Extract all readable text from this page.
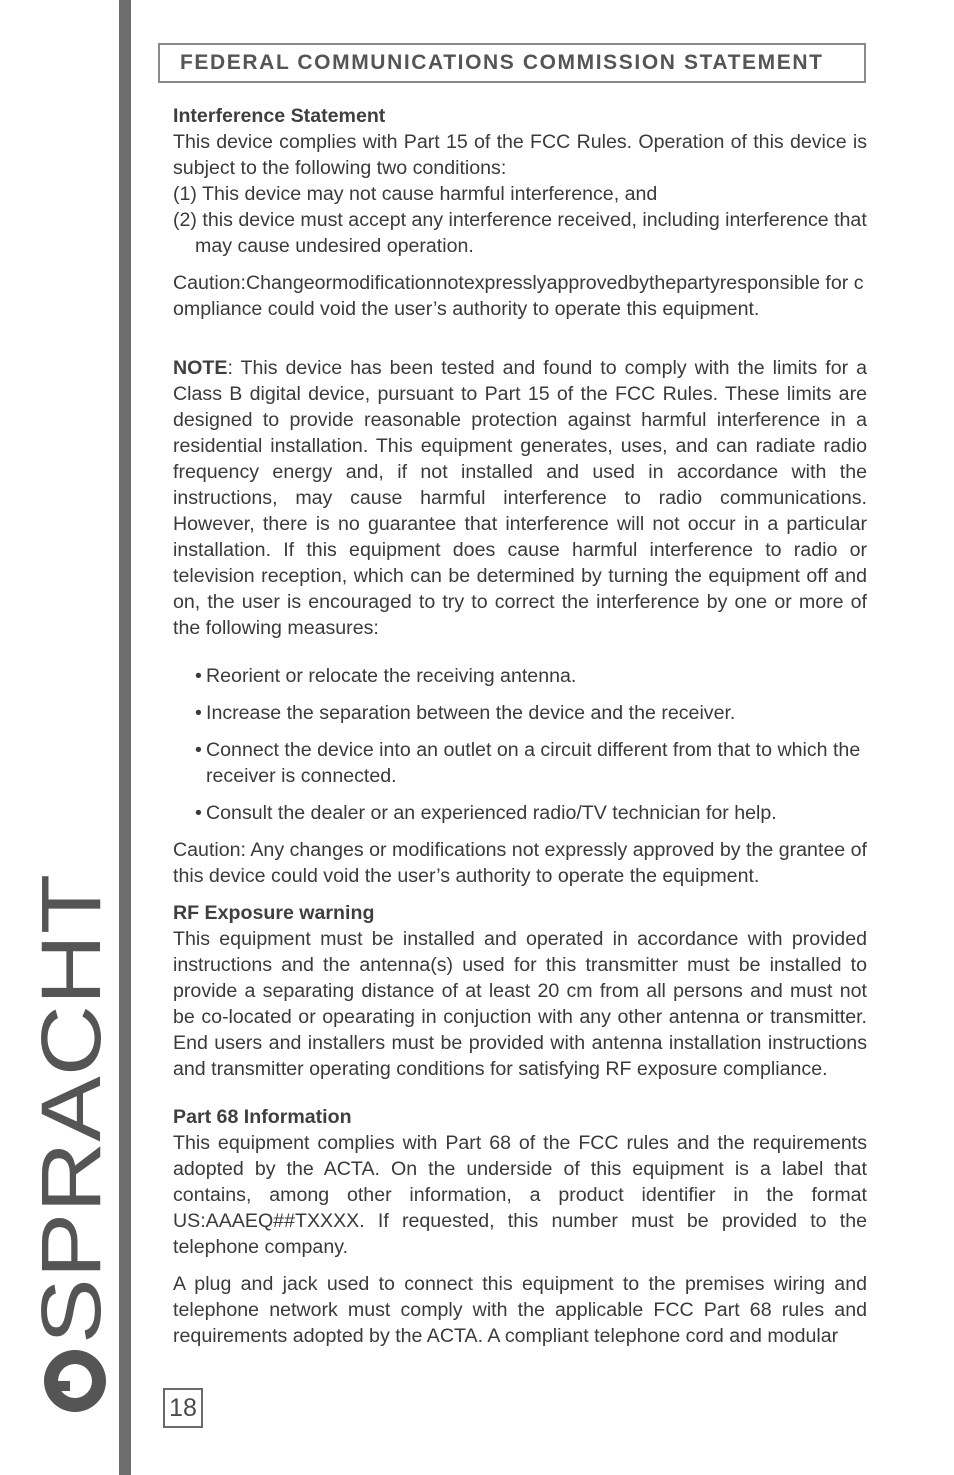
SPRACHT
FEDERAL COMMUNICATIONS COMMISSION STATEMENT

Interference Statement

This device complies with Part 15 of the FCC Rules. Operation of this device is subject to the following two conditions:

(1) This device may not cause harmful interference, and

(2) this device must accept any interference received, including interference that may cause undesired operation.

Caution:Changeormodificationnotexpresslyapprovedbythepartyresponsible for compliance could void the user’s authority to operate this equipment.

NOTE: This device has been tested and found to comply with the limits for a Class B digital device, pursuant to Part 15 of the FCC Rules. These limits are designed to provide reasonable protection against harmful interference in a residential installation. This equipment generates, uses, and can radiate radio frequency energy and, if not installed and used in accordance with the instructions, may cause harmful interference to radio communications. However, there is no guarantee that interference will not occur in a particular installation. If this equipment does cause harmful interference to radio or television reception, which can be determined by turning the equipment off and on, the user is encouraged to try to correct the interference by one or more of the following measures:

• Reorient or relocate the receiving antenna.
• Increase the separation between the device and the receiver.
• Connect the device into an outlet on a circuit different from that to which the receiver is connected.
• Consult the dealer or an experienced radio/TV technician for help.

Caution: Any changes or modifications not expressly approved by the grantee of this device could void the user’s authority to operate the equipment.

RF Exposure warning

This equipment must be installed and operated in accordance with provided instructions and the antenna(s) used for this transmitter must be installed to provide a separating distance of at least 20 cm from all persons and must not be co-located or opearating in conjuction with any other antenna or transmitter. End users and installers must be provided with antenna installation instructions and transmitter operating conditions for satisfying RF exposure compliance.

Part 68 Information

This equipment complies with Part 68 of the FCC rules and the requirements adopted by the ACTA. On the underside of this equipment is a label that contains, among other information, a product identifier in the format US:AAAEQ##TXXXX. If requested, this number must be provided to the telephone company.

A plug and jack used to connect this equipment to the premises wiring and telephone network must comply with the applicable FCC Part 68 rules and requirements adopted by the ACTA. A compliant telephone cord and modular

18
